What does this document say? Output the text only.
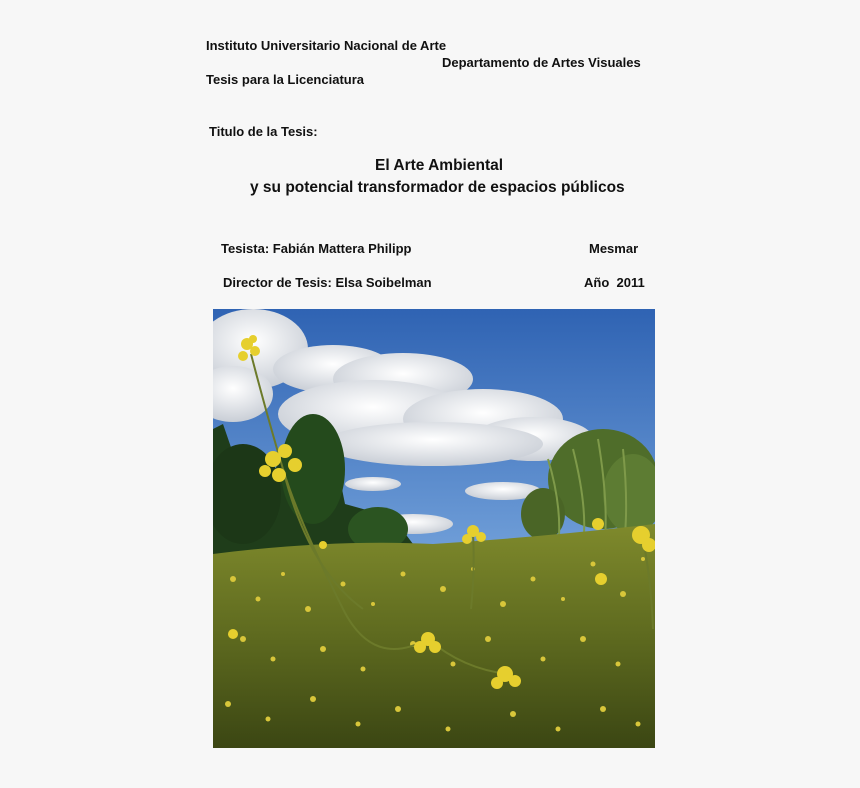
Instituto Universitario Nacional de Arte
Departamento de Artes Visuales
Tesis para la Licenciatura
Titulo de la Tesis:
El Arte Ambiental
y su potencial transformador de espacios públicos
Tesista: Fabián Mattera Philipp	Mesmar
Director de Tesis: Elsa Soibelman	Año  2011
